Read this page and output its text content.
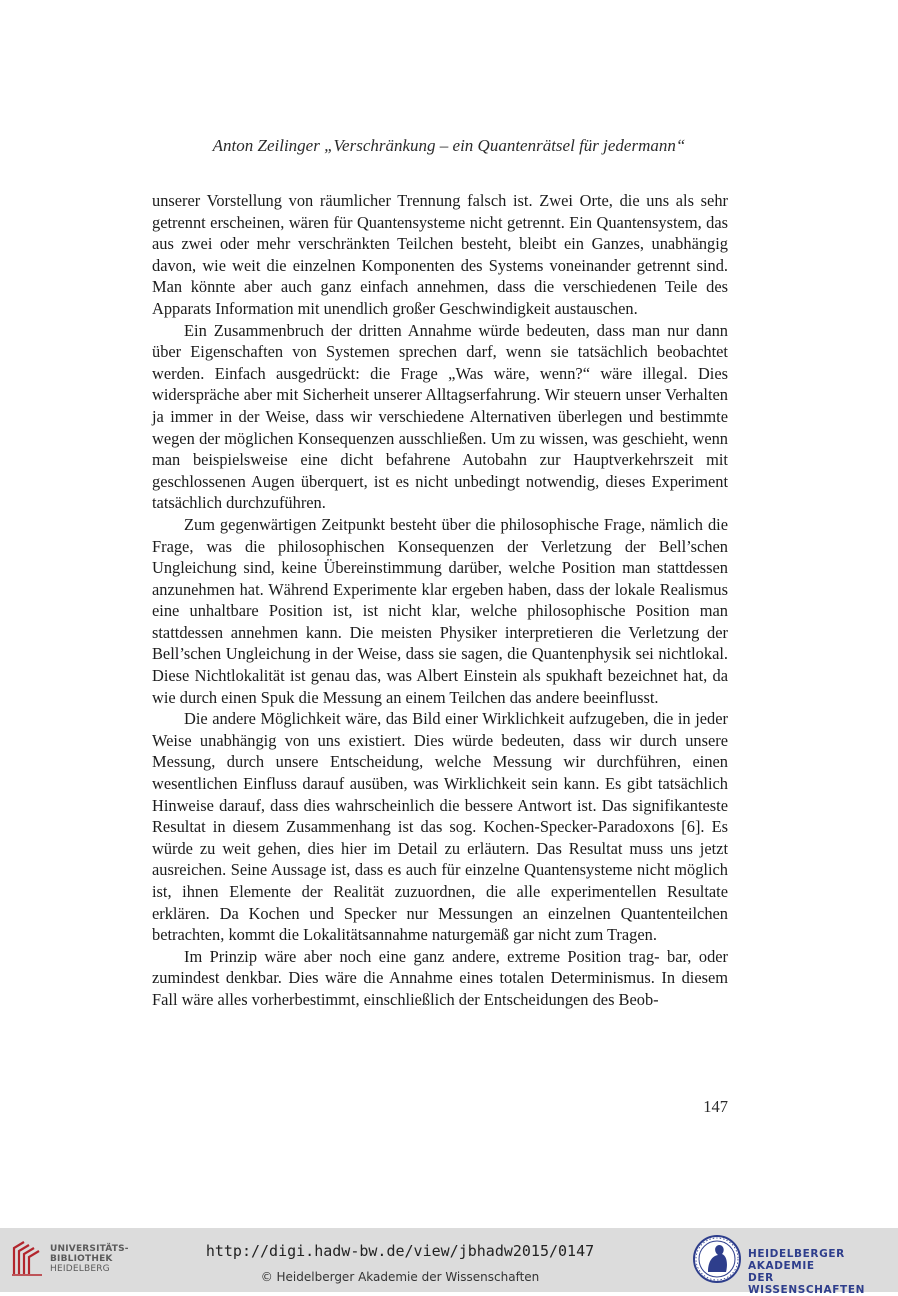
Anton Zeilinger „Verschränkung – ein Quantenrätsel für jedermann“

unserer Vorstellung von räumlicher Trennung falsch ist. Zwei Orte, die uns als sehr getrennt erscheinen, wären für Quantensysteme nicht getrennt. Ein Quantensystem, das aus zwei oder mehr verschränkten Teilchen besteht, bleibt ein Ganzes, unabhängig davon, wie weit die einzelnen Komponenten des Systems voneinander getrennt sind. Man könnte aber auch ganz einfach annehmen, dass die verschiedenen Teile des Apparats Information mit unendlich großer Geschwindigkeit austauschen.

Ein Zusammenbruch der dritten Annahme würde bedeuten, dass man nur dann über Eigenschaften von Systemen sprechen darf, wenn sie tatsächlich beobachtet werden. Einfach ausgedrückt: die Frage „Was wäre, wenn?“ wäre illegal. Dies widerspräche aber mit Sicherheit unserer Alltagserfahrung. Wir steuern unser Verhalten ja immer in der Weise, dass wir verschiedene Alternativen überlegen und bestimmte wegen der möglichen Konsequenzen ausschließen. Um zu wissen, was geschieht, wenn man beispielsweise eine dicht befahrene Autobahn zur Hauptverkehrszeit mit geschlossenen Augen überquert, ist es nicht unbedingt notwendig, dieses Experiment tatsächlich durchzuführen.

Zum gegenwärtigen Zeitpunkt besteht über die philosophische Frage, nämlich die Frage, was die philosophischen Konsequenzen der Verletzung der Bell’schen Ungleichung sind, keine Übereinstimmung darüber, welche Position man stattdessen anzunehmen hat. Während Experimente klar ergeben haben, dass der lokale Realismus eine unhaltbare Position ist, ist nicht klar, welche philosophische Position man stattdessen annehmen kann. Die meisten Physiker interpretieren die Verletzung der Bell’schen Ungleichung in der Weise, dass sie sagen, die Quantenphysik sei nichtlokal. Diese Nichtlokalität ist genau das, was Albert Einstein als spukhaft bezeichnet hat, da wie durch einen Spuk die Messung an einem Teilchen das andere beeinflusst.

Die andere Möglichkeit wäre, das Bild einer Wirklichkeit aufzugeben, die in jeder Weise unabhängig von uns existiert. Dies würde bedeuten, dass wir durch unsere Messung, durch unsere Entscheidung, welche Messung wir durchführen, einen wesentlichen Einfluss darauf ausüben, was Wirklichkeit sein kann. Es gibt tatsächlich Hinweise darauf, dass dies wahrscheinlich die bessere Antwort ist. Das signifikanteste Resultat in diesem Zusammenhang ist das sog. Kochen-Specker-Paradoxons [6]. Es würde zu weit gehen, dies hier im Detail zu erläutern. Das Resultat muss uns jetzt ausreichen. Seine Aussage ist, dass es auch für einzelne Quantensysteme nicht möglich ist, ihnen Elemente der Realität zuzuordnen, die alle experimentellen Resultate erklären. Da Kochen und Specker nur Messungen an einzelnen Quantenteilchen betrachten, kommt die Lokalitätsannahme naturgemäß gar nicht zum Tragen.

Im Prinzip wäre aber noch eine ganz andere, extreme Position trag- bar, oder zumindest denkbar. Dies wäre die Annahme eines totalen Determinismus. In diesem Fall wäre alles vorherbestimmt, einschließlich der Entscheidungen des Beob-

147
UNIVERSITÄTS-
BIBLIOTHEK
HEIDELBERG
http://digi.hadw-bw.de/view/jbhadw2015/0147
© Heidelberger Akademie der Wissenschaften
HEIDELBERGER AKADEMIE
DER WISSENSCHAFTEN
